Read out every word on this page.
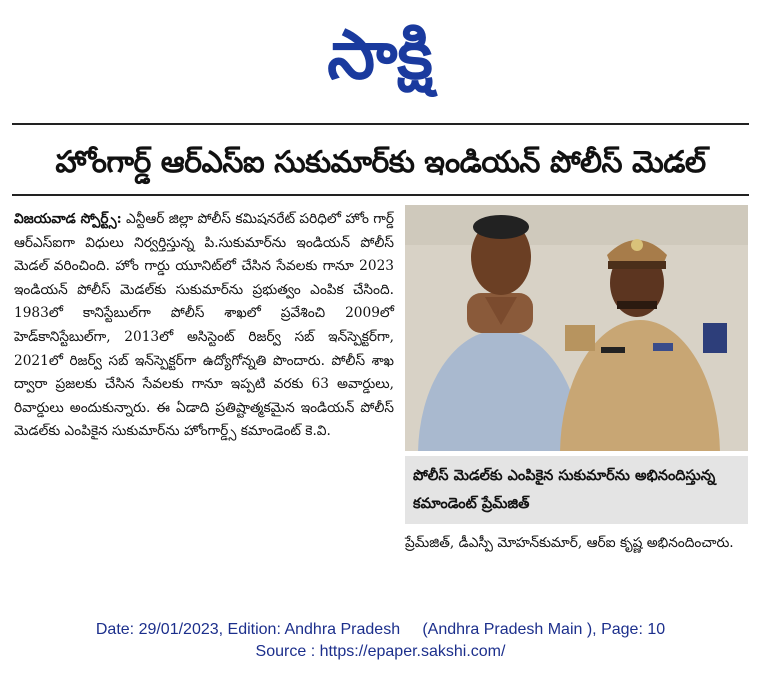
సాక్షి
హోంగార్డ్ ఆర్ఎస్ఐ సుకుమార్‌కు ఇండియన్ పోలీస్ మెడల్
విజయవాడ స్పోర్ట్స్: ఎన్టీఆర్ జిల్లా పోలీస్ కమిషనరేట్ పరిధిలో హోం గార్డ్ ఆర్ఎస్ఐగా విధులు నిర్వర్తిస్తున్న పి.సుకుమార్‌ను ఇండియన్ పోలీస్ మెడల్ వరించింది. హోం గార్డు యూనిట్‌లో చేసిన సేవలకు గానూ 2023 ఇండియన్ పోలీస్ మెడల్‌కు సుకుమార్‌ను ప్రభుత్వం ఎంపిక చేసింది. 1983లో కానిస్టేబుల్‌గా పోలీస్ శాఖలో ప్రవేశించి 2009లో హెడ్‌కానిస్టేబుల్‌గా, 2013లో అసిస్టెంట్ రిజర్వ్ సబ్ ఇన్‌స్పెక్టర్‌గా, 2021లో రిజర్వ్ సబ్ ఇన్‌స్పెక్టర్‌గా ఉద్యోగోన్నతి పొందారు. పోలీస్ శాఖ ద్వారా ప్రజలకు చేసిన సేవలకు గానూ ఇప్పటి వరకు 63 అవార్డులు, రివార్డులు అందుకున్నారు. ఈ ఏడాది ప్రతిష్టాత్మకమైన ఇండియన్ పోలీస్ మెడల్‌కు ఎంపికైన సుకుమార్‌ను హోంగార్డ్స్ కమాండెంట్ కె.వి.
పోలీస్ మెడల్‌కు ఎంపికైన సుకుమార్‌ను అభినందిస్తున్న కమాండెంట్ ప్రేమ్‌జిత్
ప్రేమ్‌జిత్, డీఎస్పీ మోహన్‌కుమార్, ఆర్ఐ కృష్ణ అభినందించారు.
Date: 29/01/2023, Edition: Andhra Pradesh     (Andhra Pradesh Main ), Page: 10
Source : https://epaper.sakshi.com/
